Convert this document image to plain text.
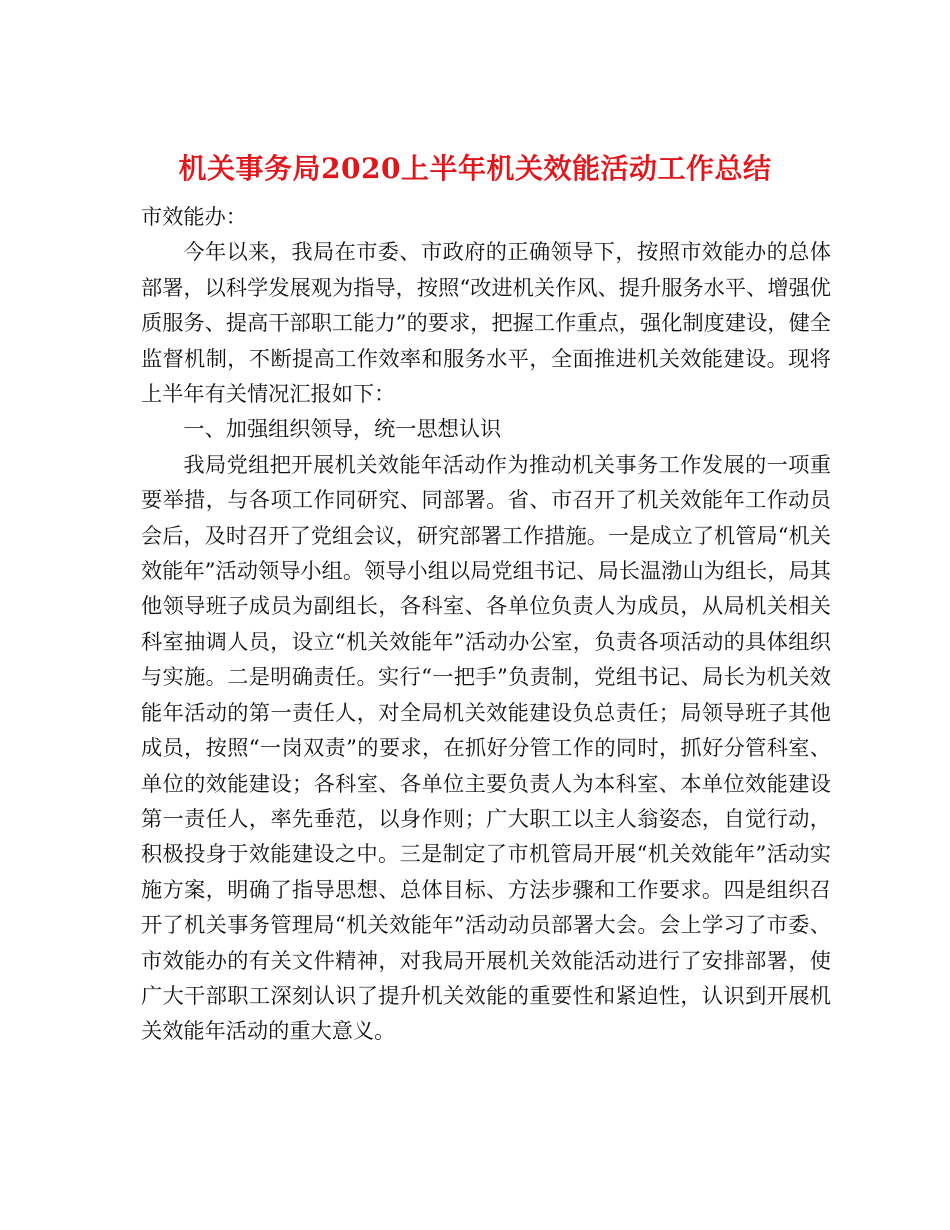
机关事务局2020上半年机关效能活动工作总结

市效能办：

今年以来，我局在市委、市政府的正确领导下，按照市效能办的总体部署，以科学发展观为指导，按照“改进机关作风、提升服务水平、增强优质服务、提高干部职工能力”的要求，把握工作重点，强化制度建设，健全监督机制，不断提高工作效率和服务水平，全面推进机关效能建设。现将上半年有关情况汇报如下：

一、加强组织领导，统一思想认识

我局党组把开展机关效能年活动作为推动机关事务工作发展的一项重要举措，与各项工作同研究、同部署。省、市召开了机关效能年工作动员会后，及时召开了党组会议，研究部署工作措施。一是成立了机管局“机关效能年”活动领导小组。领导小组以局党组书记、局长温渤山为组长，局其他领导班子成员为副组长，各科室、各单位负责人为成员，从局机关相关科室抽调人员，设立“机关效能年”活动办公室，负责各项活动的具体组织与实施。二是明确责任。实行“一把手”负责制，党组书记、局长为机关效能年活动的第一责任人，对全局机关效能建设负总责任；局领导班子其他成员，按照“一岗双责”的要求，在抓好分管工作的同时，抓好分管科室、单位的效能建设；各科室、各单位主要负责人为本科室、本单位效能建设第一责任人，率先垂范，以身作则；广大职工以主人翁姿态，自觉行动，积极投身于效能建设之中。三是制定了市机管局开展“机关效能年”活动实施方案，明确了指导思想、总体目标、方法步骤和工作要求。四是组织召开了机关事务管理局“机关效能年”活动动员部署大会。会上学习了市委、市效能办的有关文件精神，对我局开展机关效能活动进行了安排部署，使广大干部职工深刻认识了提升机关效能的重要性和紧迫性，认识到开展机关效能年活动的重大意义。
